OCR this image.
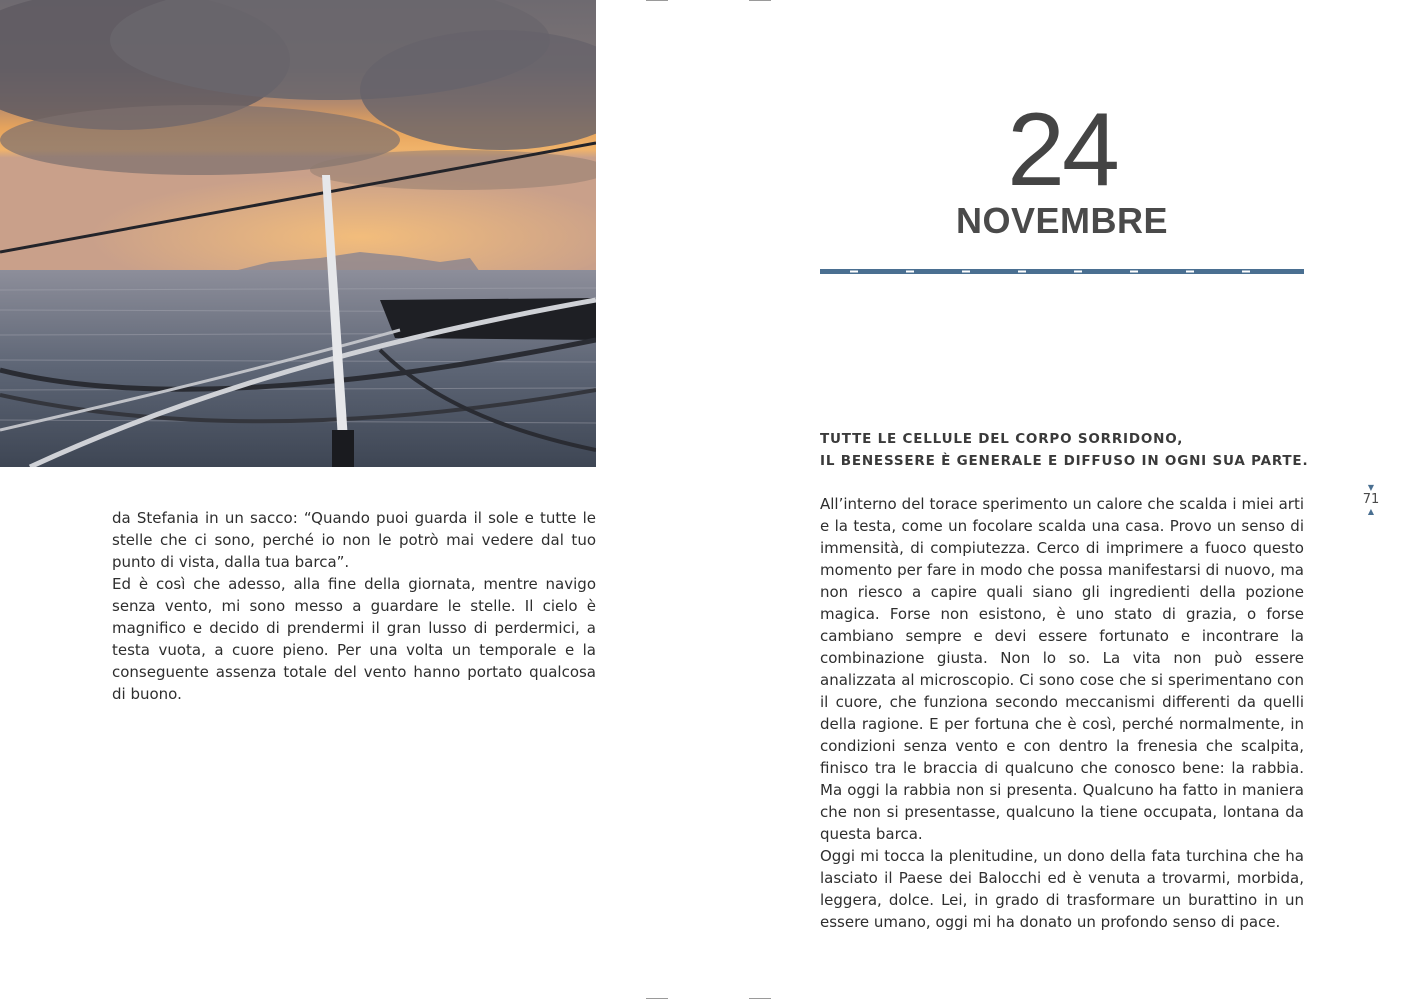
da Stefania in un sacco: “Quando puoi guarda il sole e tutte le stelle che ci sono, perché io non le potrò mai vedere dal tuo punto di vista, dalla tua barca”.

Ed è così che adesso, alla fine della giornata, mentre navigo senza vento, mi sono messo a guardare le stelle. Il cielo è magnifico e decido di prendermi il gran lusso di perdermici, a testa vuota, a cuore pieno. Per una volta un temporale e la conseguente assenza totale del vento hanno portato qualcosa di buono.

24
NOVEMBRE
TUTTE LE CELLULE DEL CORPO SORRIDONO,
IL BENESSERE È GENERALE E DIFFUSO IN OGNI SUA PARTE.

All’interno del torace sperimento un calore che scalda i miei arti e la testa, come un focolare scalda una casa. Provo un senso di immensità, di compiutezza. Cerco di imprimere a fuoco questo momento per fare in modo che possa manifestarsi di nuovo, ma non riesco a capire quali siano gli ingredienti della pozione magica. Forse non esistono, è uno stato di grazia, o forse cambiano sempre e devi essere fortunato e incontrare la combinazione giusta. Non lo so. La vita non può essere analizzata al microscopio. Ci sono cose che si sperimentano con il cuore, che funziona secondo meccanismi differenti da quelli della ragione. E per fortuna che è così, perché normalmente, in condizioni senza vento e con dentro la frenesia che scalpita, finisco tra le braccia di qualcuno che conosco bene: la rabbia. Ma oggi la rabbia non si presenta. Qualcuno ha fatto in maniera che non si presentasse, qualcuno la tiene occupata, lontana da questa barca.

Oggi mi tocca la plenitudine, un dono della fata turchina che ha lasciato il Paese dei Balocchi ed è venuta a trovarmi, morbida, leggera, dolce. Lei, in grado di trasformare un burattino in un essere umano, oggi mi ha donato un profondo senso di pace.

▼
71
▲
